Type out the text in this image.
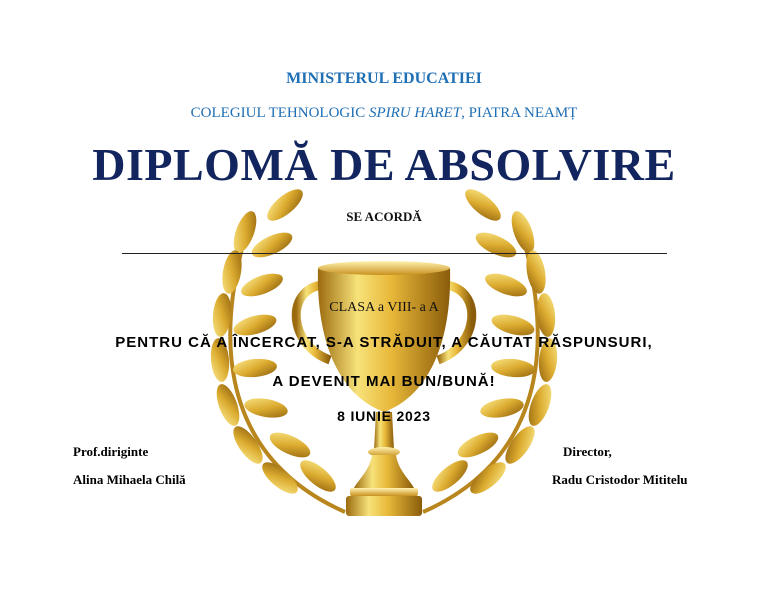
MINISTERUL EDUCATIEI
COLEGIUL TEHNOLOGIC SPIRU HARET, PIATRA NEAMȚ
DIPLOMĂ DE ABSOLVIRE
SE ACORDĂ
CLASA a VIII- a A
PENTRU CĂ A ÎNCERCAT, S-A STRĂDUIT, A CĂUTAT RĂSPUNSURI,
A DEVENIT MAI BUN/BUNĂ!
8 IUNIE 2023
Prof.diriginte
Alina Mihaela Chilă
Director,
Radu Cristodor Mititelu
